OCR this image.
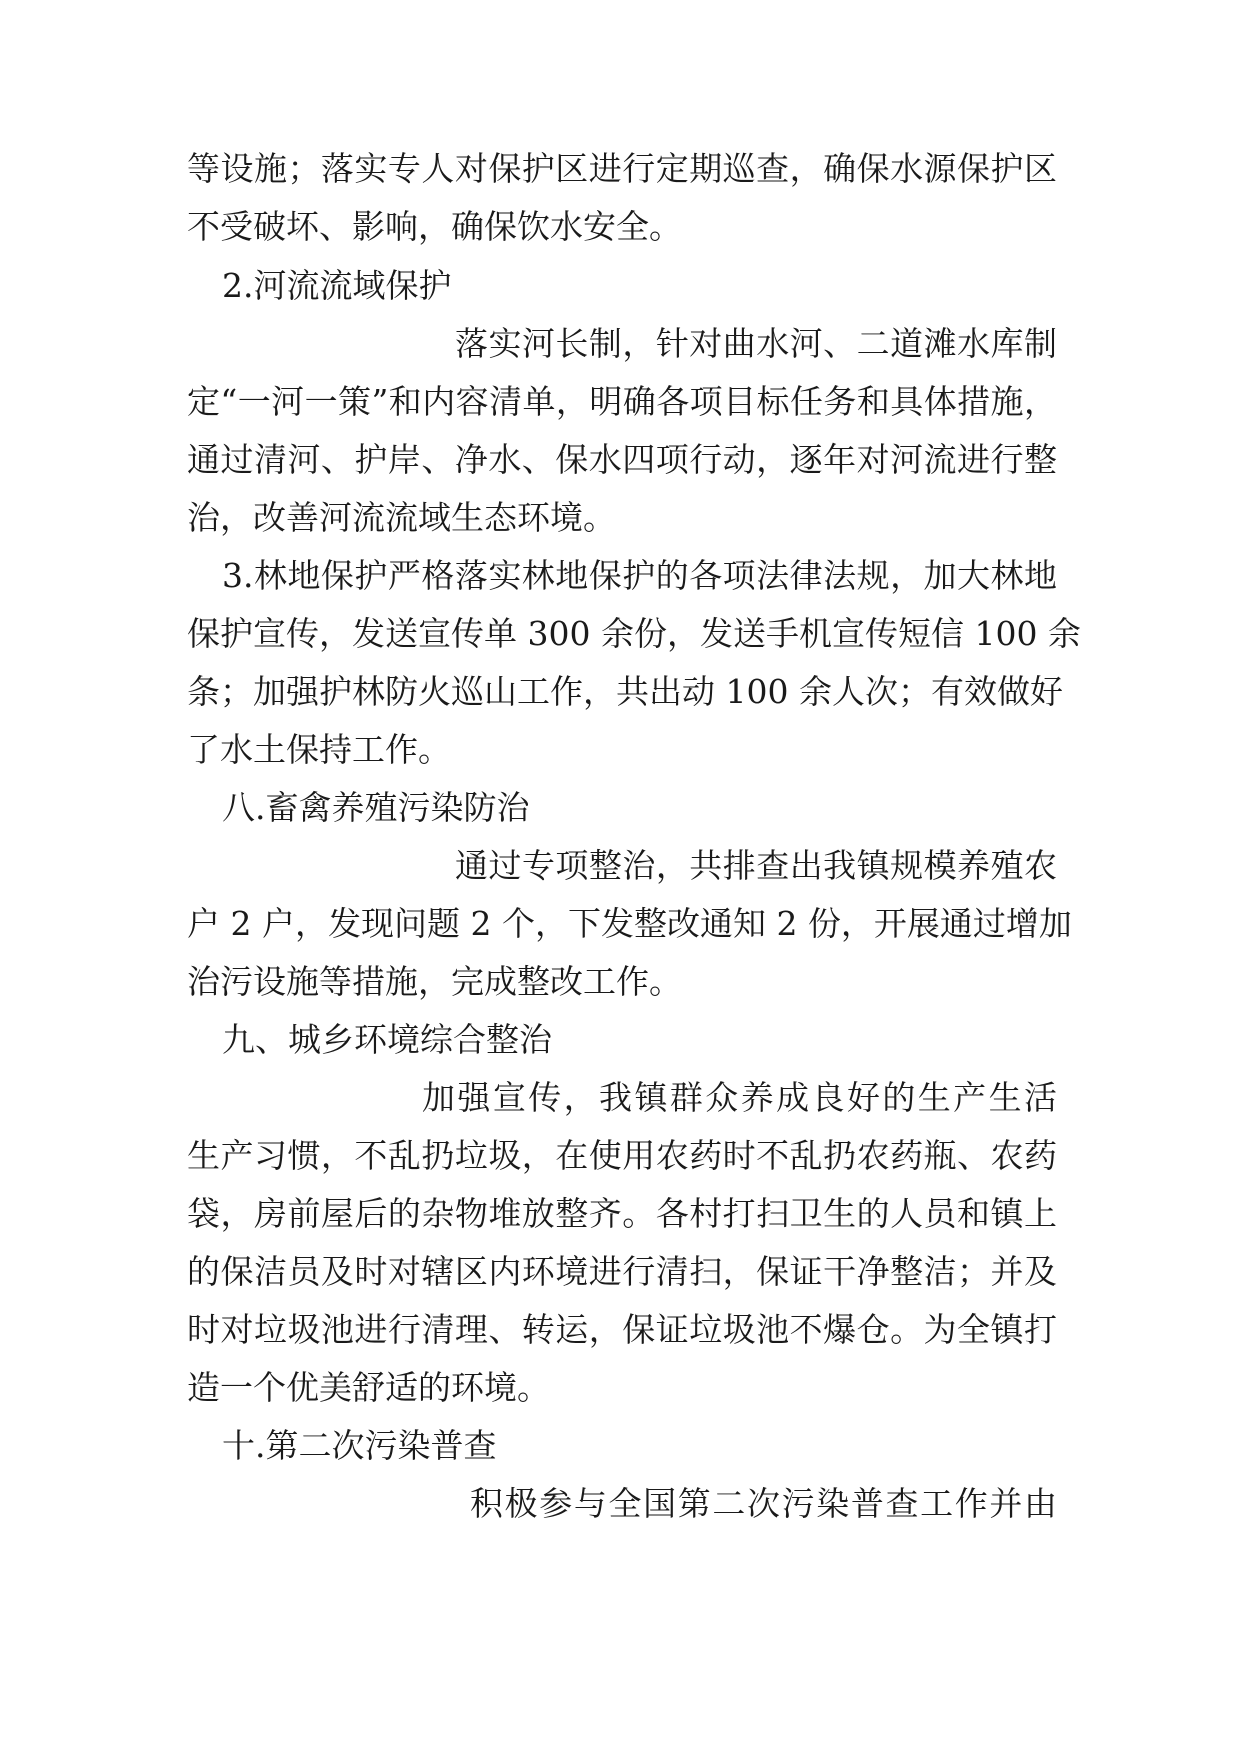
等设施；落实专人对保护区进行定期巡查，确保水源保护区
不受破坏、影响，确保饮水安全。
2.河流流域保护
落实河长制，针对曲水河、二道滩水库制
定“一河一策”和内容清单，明确各项目标任务和具体措施，
通过清河、护岸、净水、保水四项行动，逐年对河流进行整
治，改善河流流域生态环境。
3.林地保护严格落实林地保护的各项法律法规，加大林地
保护宣传，发送宣传单 300 余份，发送手机宣传短信 100 余
条；加强护林防火巡山工作，共出动 100 余人次；有效做好
了水土保持工作。
八.畜禽养殖污染防治
通过专项整治，共排查出我镇规模养殖农
户 2 户，发现问题 2 个，下发整改通知 2 份，开展通过增加
治污设施等措施，完成整改工作。
九、城乡环境综合整治
加强宣传，我镇群众养成良好的生产生活
生产习惯，不乱扔垃圾，在使用农药时不乱扔农药瓶、农药
袋，房前屋后的杂物堆放整齐。各村打扫卫生的人员和镇上
的保洁员及时对辖区内环境进行清扫，保证干净整洁；并及
时对垃圾池进行清理、转运，保证垃圾池不爆仓。为全镇打
造一个优美舒适的环境。
十.第二次污染普查
积极参与全国第二次污染普查工作并由
